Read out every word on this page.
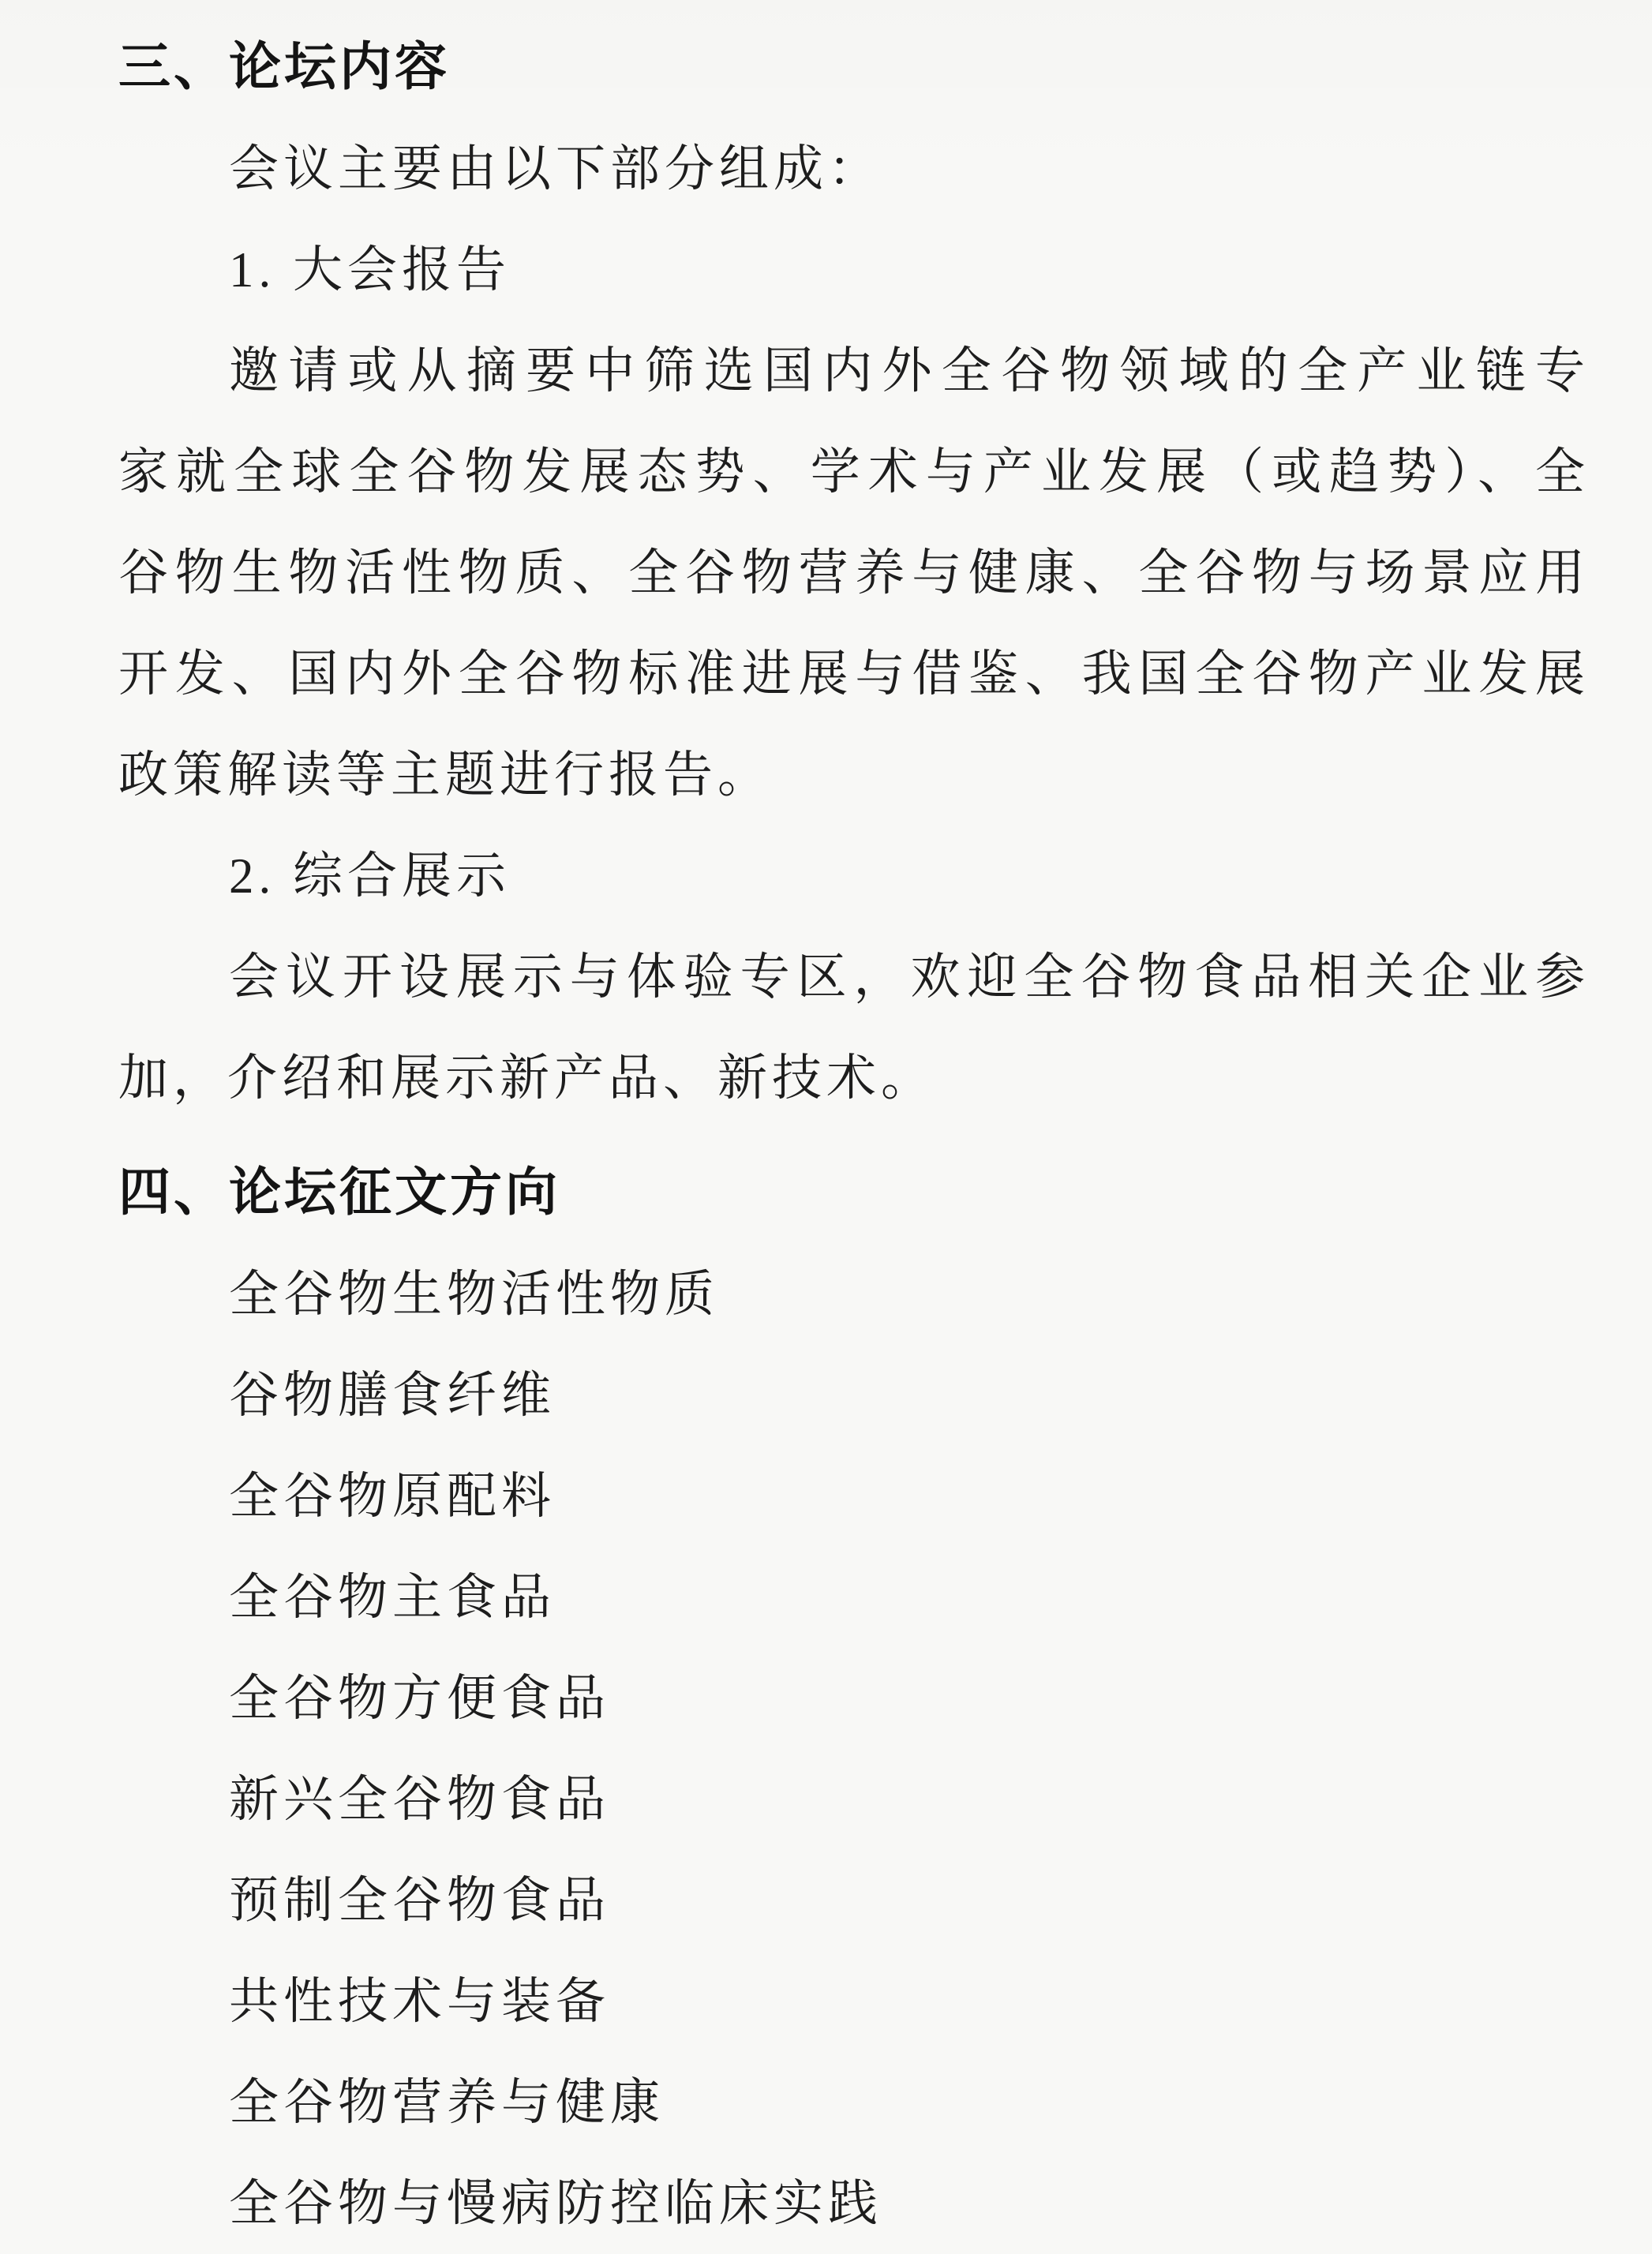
三、论坛内容
会议主要由以下部分组成：
1. 大会报告
邀请或从摘要中筛选国内外全谷物领域的全产业链专
家就全球全谷物发展态势、学术与产业发展（或趋势）、全
谷物生物活性物质、全谷物营养与健康、全谷物与场景应用
开发、国内外全谷物标准进展与借鉴、我国全谷物产业发展
政策解读等主题进行报告。
2. 综合展示
会议开设展示与体验专区，欢迎全谷物食品相关企业参
加，介绍和展示新产品、新技术。
四、论坛征文方向
全谷物生物活性物质
谷物膳食纤维
全谷物原配料
全谷物主食品
全谷物方便食品
新兴全谷物食品
预制全谷物食品
共性技术与装备
全谷物营养与健康
全谷物与慢病防控临床实践
